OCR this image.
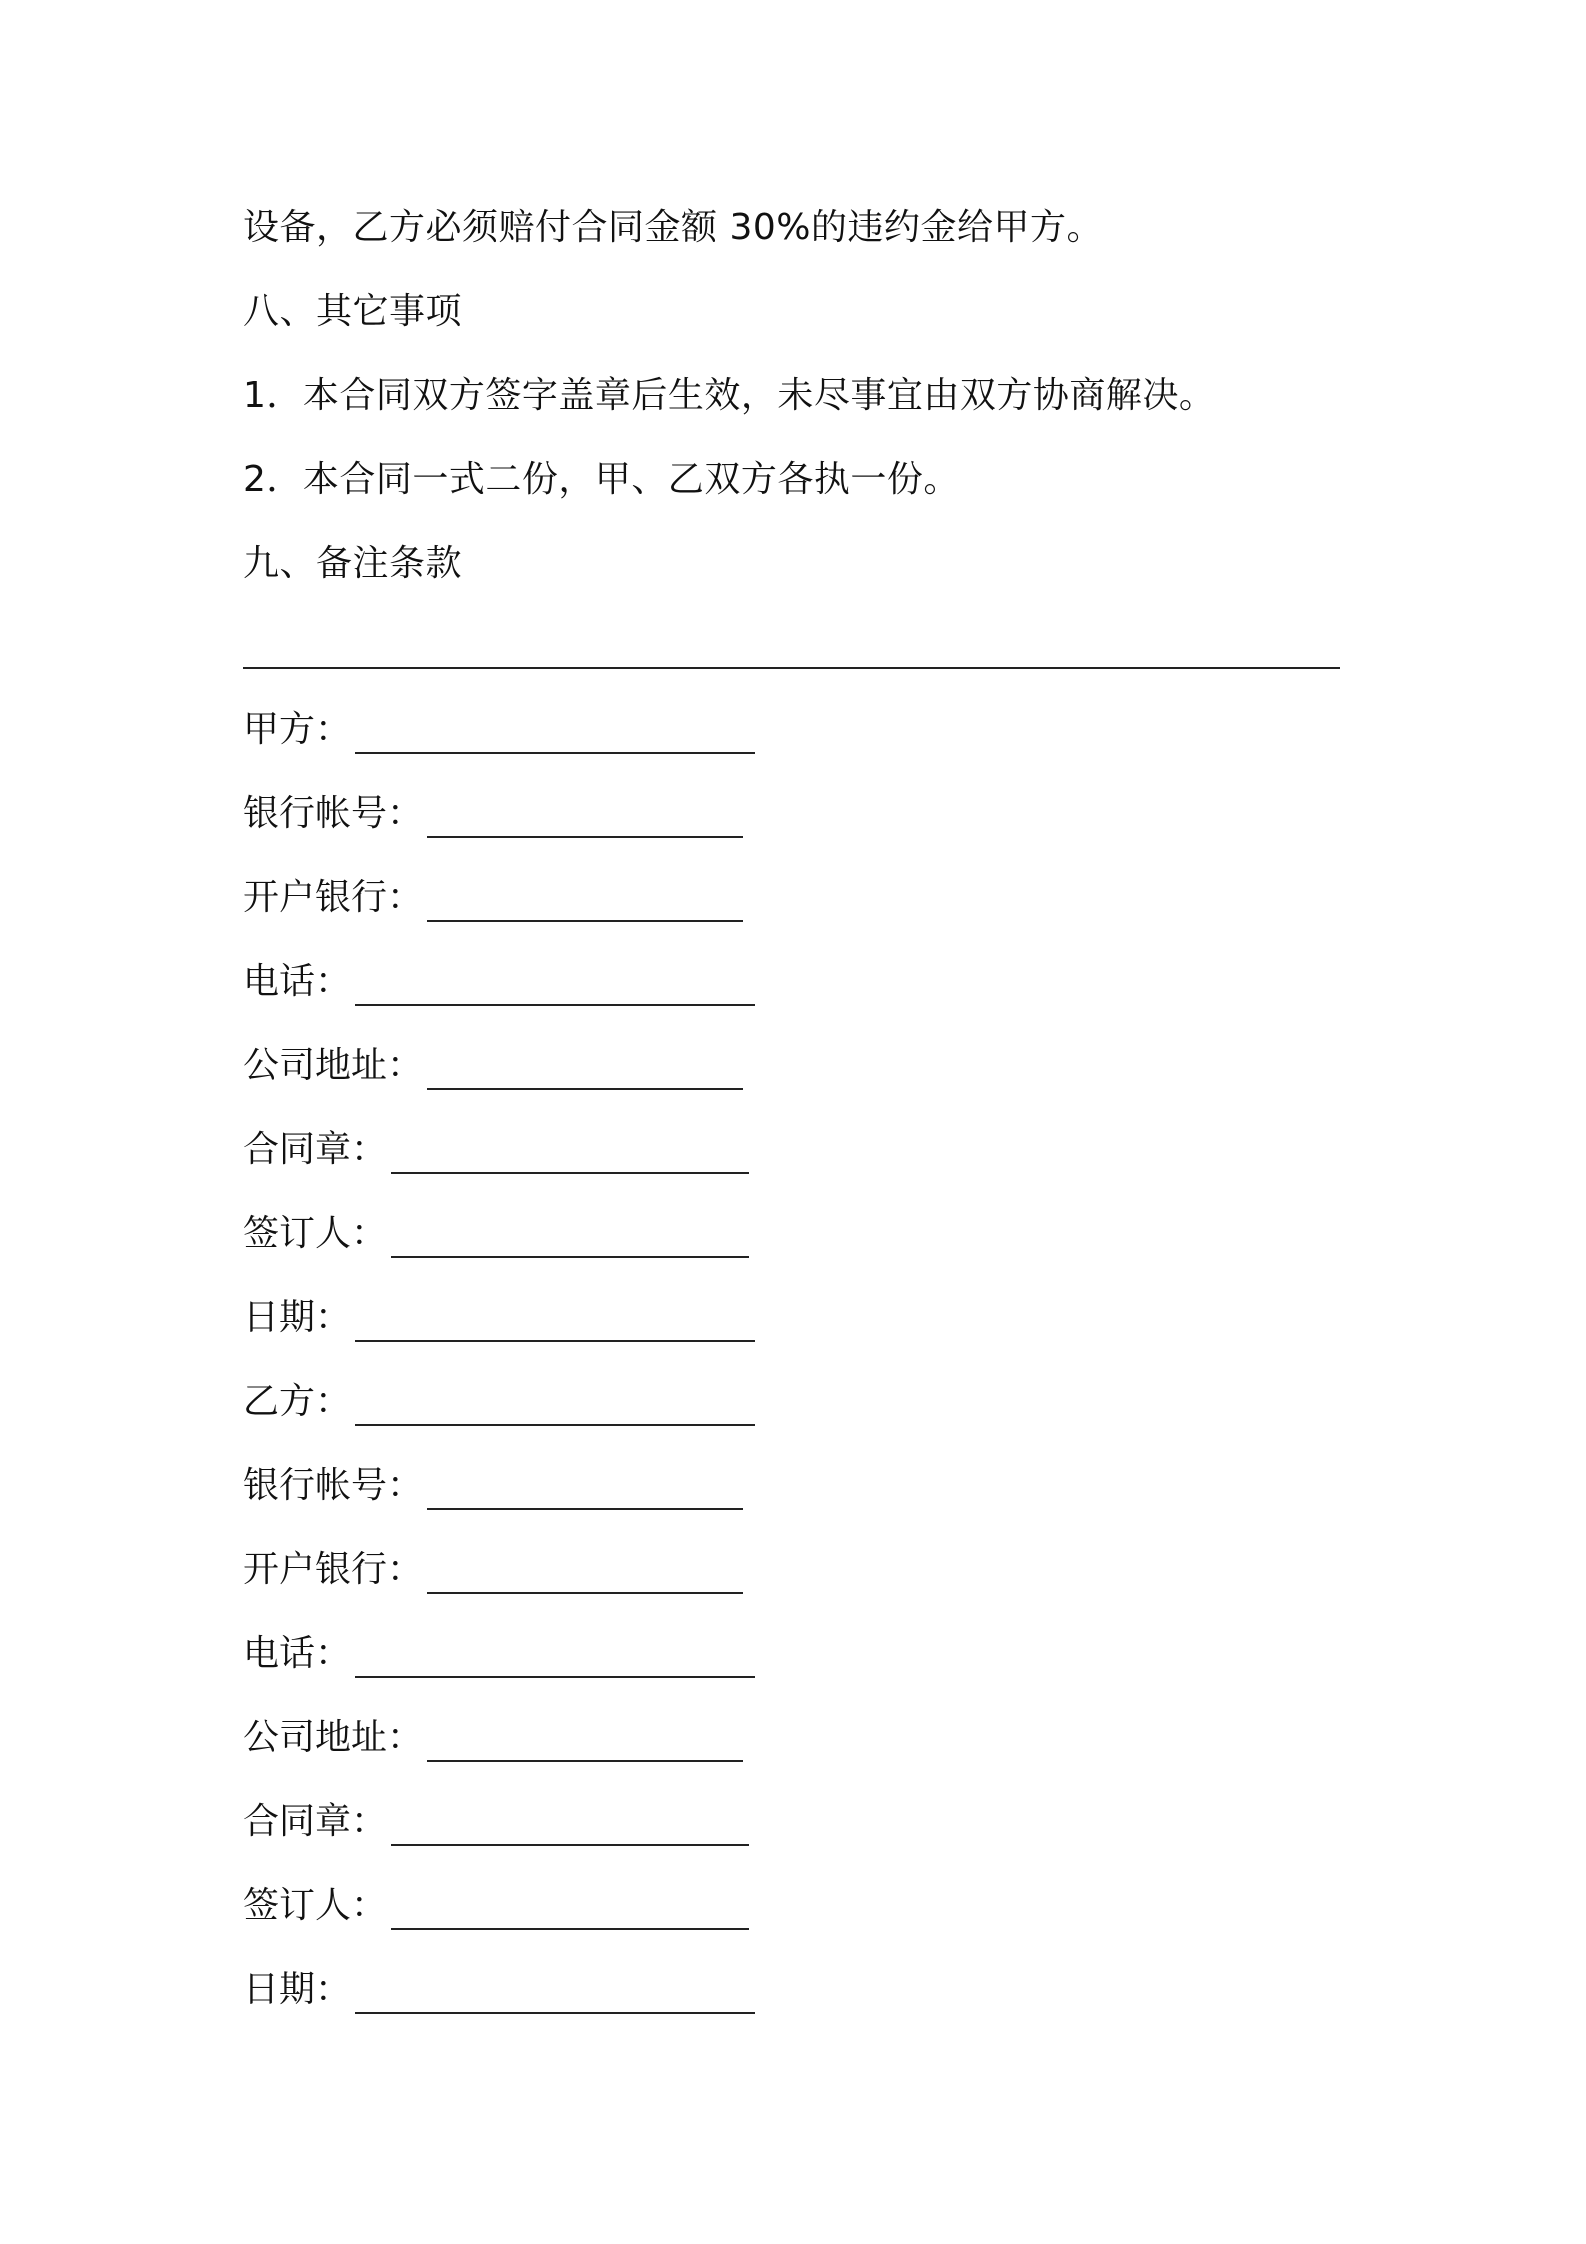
设备，乙方必须赔付合同金额 30%的违约金给甲方。
八、其它事项
1．本合同双方签字盖章后生效，未尽事宜由双方协商解决。
2．本合同一式二份，甲、乙双方各执一份。
九、备注条款
甲方：
银行帐号：
开户银行：
电话：
公司地址：
合同章：
签订人：
日期：
乙方：
银行帐号：
开户银行：
电话：
公司地址：
合同章：
签订人：
日期：
